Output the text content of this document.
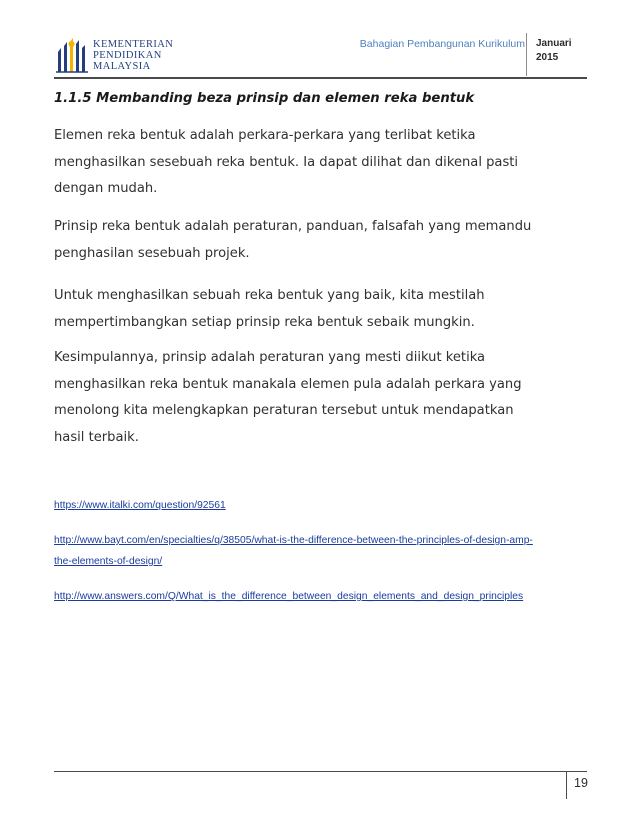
KEMENTERIAN
PENDIDIKAN
MALAYSIA
Bahagian Pembangunan Kurikulum Januari
2015
1.1.5 Membanding beza prinsip dan elemen reka bentuk

Elemen reka bentuk adalah perkara-perkara yang terlibat ketika
menghasilkan sesebuah reka bentuk. Ia dapat dilihat dan dikenal pasti
dengan mudah.

Prinsip reka bentuk adalah peraturan, panduan, falsafah yang memandu
penghasilan sesebuah projek.

Untuk menghasilkan sebuah reka bentuk yang baik, kita mestilah
mempertimbangkan setiap prinsip reka bentuk sebaik mungkin.

Kesimpulannya, prinsip adalah peraturan yang mesti diikut ketika
menghasilkan reka bentuk manakala elemen pula adalah perkara yang
menolong kita melengkapkan peraturan tersebut untuk mendapatkan
hasil terbaik.

https://www.italki.com/question/92561
http://www.bayt.com/en/specialties/q/38505/what-is-the-difference-between-the-principles-of-design-amp-
the-elements-of-design/
http://www.answers.com/Q/What_is_the_difference_between_design_elements_and_design_principles
19
